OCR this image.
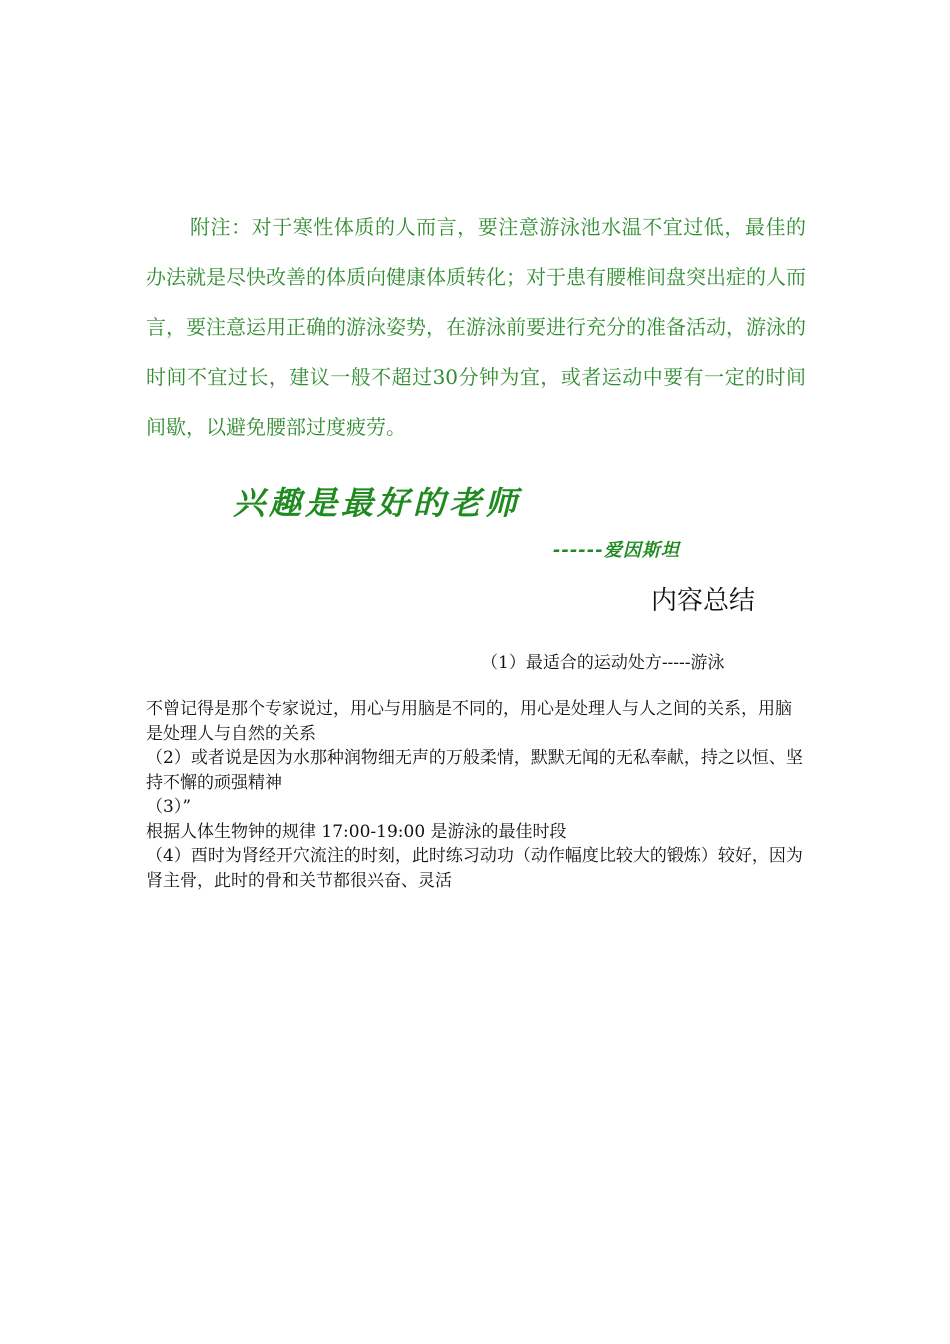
附注：对于寒性体质的人而言，要注意游泳池水温不宜过低，最佳的办法就是尽快改善的体质向健康体质转化；对于患有腰椎间盘突出症的人而言，要注意运用正确的游泳姿势，在游泳前要进行充分的准备活动，游泳的时间不宜过长，建议一般不超过30分钟为宜，或者运动中要有一定的时间间歇，以避免腰部过度疲劳。

兴趣是最好的老师

------爱因斯坦

内容总结

（1）最适合的运动处方-----游泳

不曾记得是那个专家说过，用心与用脑是不同的，用心是处理人与人之间的关系，用脑是处理人与自然的关系

（2）或者说是因为水那种润物细无声的万般柔情，默默无闻的无私奉献，持之以恒、坚持不懈的顽强精神

（3）”

根据人体生物钟的规律 17:00-19:00 是游泳的最佳时段

（4）酉时为肾经开穴流注的时刻，此时练习动功（动作幅度比较大的锻炼）较好，因为肾主骨，此时的骨和关节都很兴奋、灵活
